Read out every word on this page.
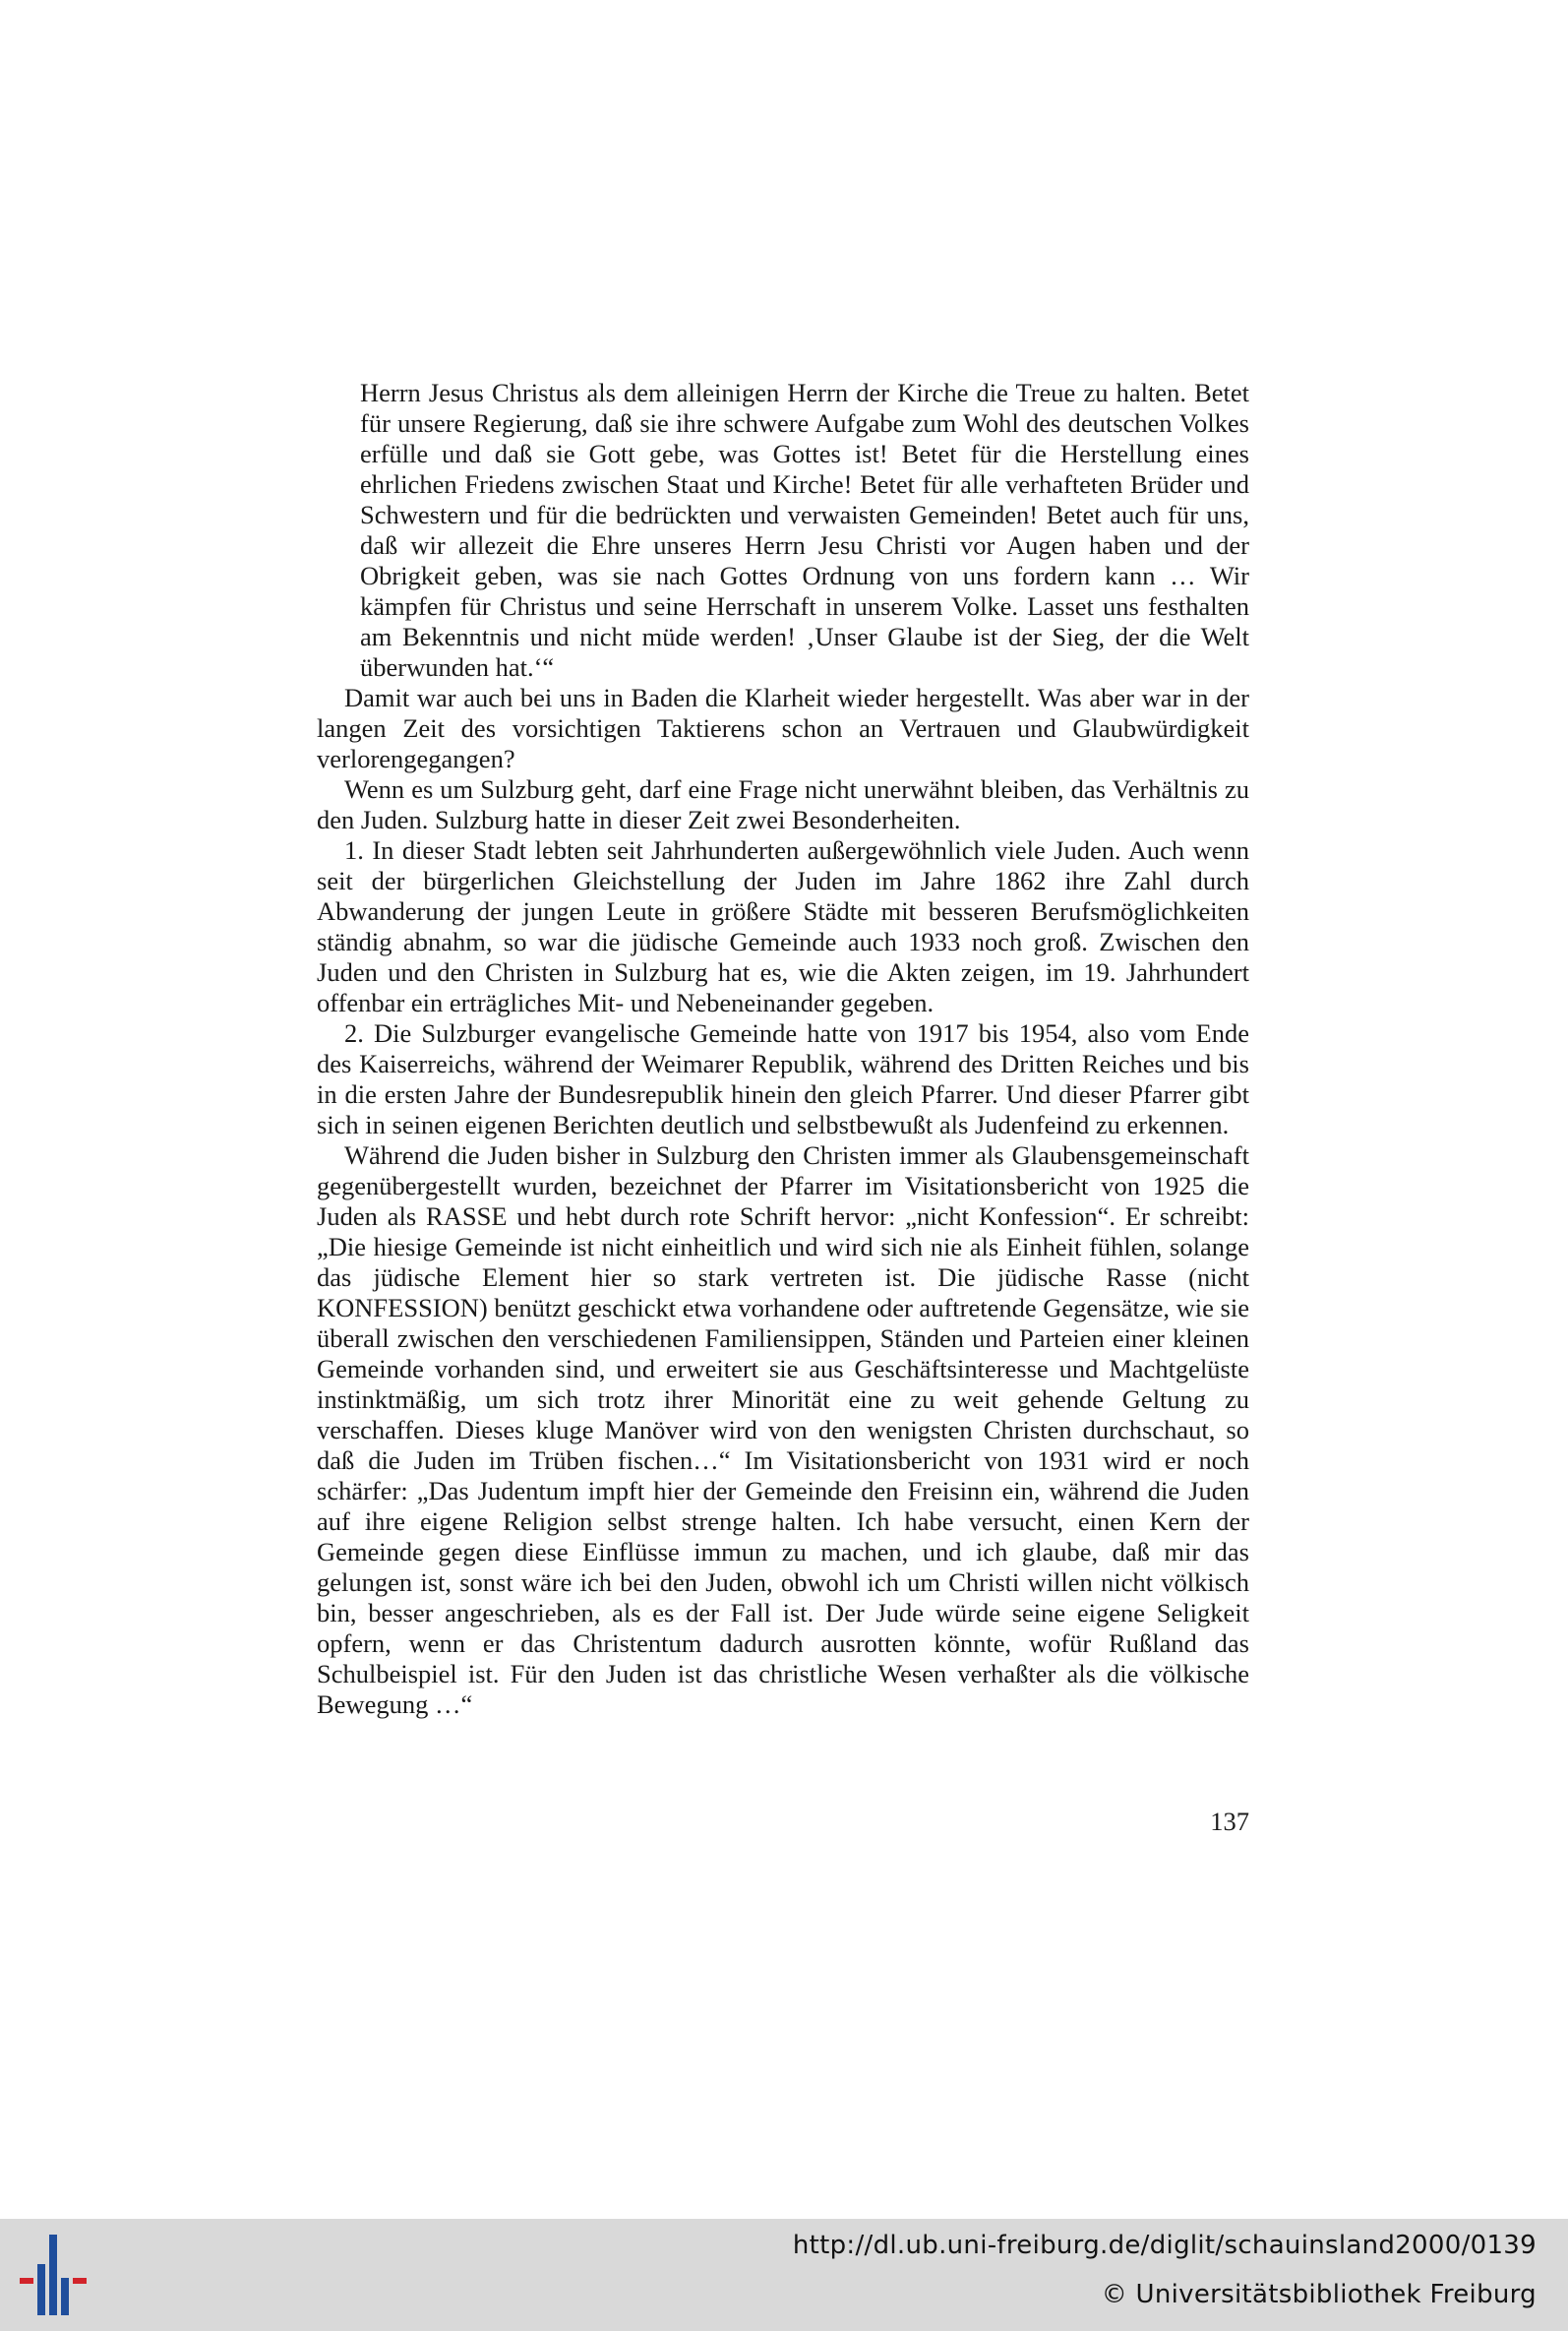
Herrn Jesus Christus als dem alleinigen Herrn der Kirche die Treue zu halten. Betet für unsere Regierung, daß sie ihre schwere Aufgabe zum Wohl des deutschen Volkes erfülle und daß sie Gott gebe, was Gottes ist! Betet für die Herstellung eines ehrlichen Friedens zwischen Staat und Kirche! Betet für alle verhafteten Brüder und Schwestern und für die bedrückten und verwaisten Gemeinden! Betet auch für uns, daß wir allezeit die Ehre unseres Herrn Jesu Christi vor Augen haben und der Obrigkeit geben, was sie nach Gottes Ordnung von uns fordern kann … Wir kämpfen für Christus und seine Herrschaft in unserem Volke. Lasset uns festhalten am Bekenntnis und nicht müde werden! ‚Unser Glaube ist der Sieg, der die Welt überwunden hat.‘“

Damit war auch bei uns in Baden die Klarheit wieder hergestellt. Was aber war in der langen Zeit des vorsichtigen Taktierens schon an Vertrauen und Glaubwürdigkeit verlorengegangen?

Wenn es um Sulzburg geht, darf eine Frage nicht unerwähnt bleiben, das Verhältnis zu den Juden. Sulzburg hatte in dieser Zeit zwei Besonderheiten.

1. In dieser Stadt lebten seit Jahrhunderten außergewöhnlich viele Juden. Auch wenn seit der bürgerlichen Gleichstellung der Juden im Jahre 1862 ihre Zahl durch Abwanderung der jungen Leute in größere Städte mit besseren Berufsmöglichkeiten ständig abnahm, so war die jüdische Gemeinde auch 1933 noch groß. Zwischen den Juden und den Christen in Sulzburg hat es, wie die Akten zeigen, im 19. Jahrhundert offenbar ein erträgliches Mit- und Nebeneinander gegeben.

2. Die Sulzburger evangelische Gemeinde hatte von 1917 bis 1954, also vom Ende des Kaiserreichs, während der Weimarer Republik, während des Dritten Reiches und bis in die ersten Jahre der Bundesrepublik hinein den gleich Pfarrer. Und dieser Pfarrer gibt sich in seinen eigenen Berichten deutlich und selbstbewußt als Judenfeind zu erkennen.

Während die Juden bisher in Sulzburg den Christen immer als Glaubensgemeinschaft gegenübergestellt wurden, bezeichnet der Pfarrer im Visitationsbericht von 1925 die Juden als RASSE und hebt durch rote Schrift hervor: „nicht Konfession“. Er schreibt: „Die hiesige Gemeinde ist nicht einheitlich und wird sich nie als Einheit fühlen, solange das jüdische Element hier so stark vertreten ist. Die jüdische Rasse (nicht KONFESSION) benützt geschickt etwa vorhandene oder auftretende Gegensätze, wie sie überall zwischen den verschiedenen Familiensippen, Ständen und Parteien einer kleinen Gemeinde vorhanden sind, und erweitert sie aus Geschäftsinteresse und Machtgelüste instinktmäßig, um sich trotz ihrer Minorität eine zu weit gehende Geltung zu verschaffen. Dieses kluge Manöver wird von den wenigsten Christen durchschaut, so daß die Juden im Trüben fischen…“ Im Visitationsbericht von 1931 wird er noch schärfer: „Das Judentum impft hier der Gemeinde den Freisinn ein, während die Juden auf ihre eigene Religion selbst strenge halten. Ich habe versucht, einen Kern der Gemeinde gegen diese Einflüsse immun zu machen, und ich glaube, daß mir das gelungen ist, sonst wäre ich bei den Juden, obwohl ich um Christi willen nicht völkisch bin, besser angeschrieben, als es der Fall ist. Der Jude würde seine eigene Seligkeit opfern, wenn er das Christentum dadurch ausrotten könnte, wofür Rußland das Schulbeispiel ist. Für den Juden ist das christliche Wesen verhaßter als die völkische Bewegung …“

137
http://dl.ub.uni-freiburg.de/diglit/schauinsland2000/0139
© Universitätsbibliothek Freiburg
